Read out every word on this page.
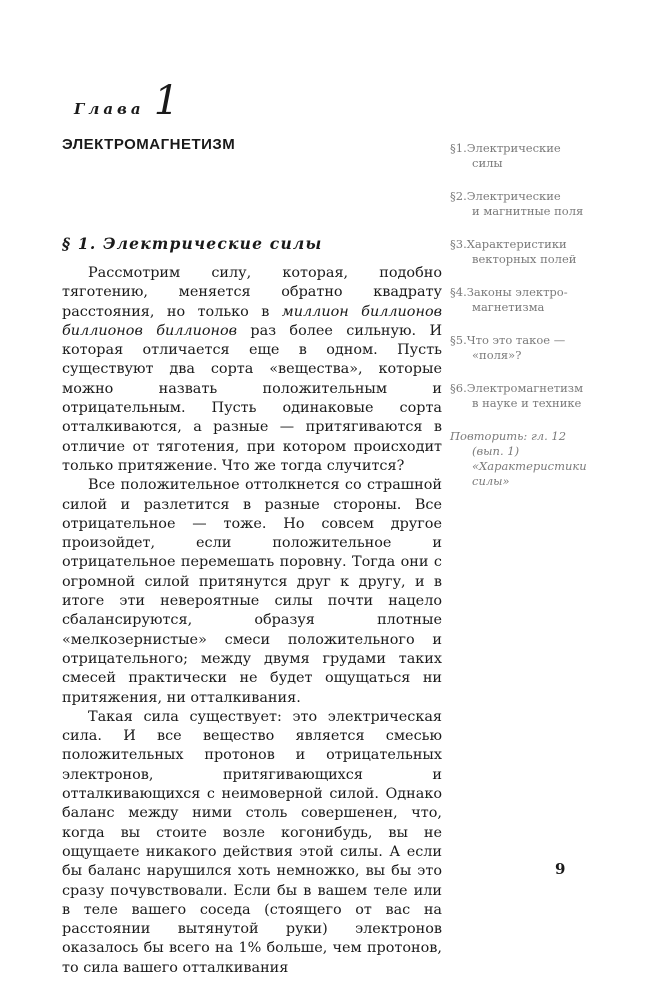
Глава 1
ЭЛЕКТРОМАГНЕТИЗМ
§ 1. Электрические силы

Рассмотрим силу, которая, подобно тяготению, меняется обратно квадрату расстояния, но только в миллион биллионов биллионов биллионов раз более сильную. И которая отличается еще в одном. Пусть существуют два сорта «вещества», которые можно назвать положительным и отрицательным. Пусть одинаковые сорта отталкиваются, а разные — притягиваются в отличие от тяготения, при котором происходит только притяжение. Что же тогда случится?

Все положительное оттолкнется со страшной силой и разлетится в разные стороны. Все отрицательное — тоже. Но совсем другое произойдет, если положительное и отрицательное перемешать поровну. Тогда они с огромной силой притянутся друг к другу, и в итоге эти невероятные силы почти нацело сбалансируются, образуя плотные «мелкозернистые» смеси положительного и отрицательного; между двумя грудами таких смесей практически не будет ощущаться ни притяжения, ни отталкивания.

Такая сила существует: это электрическая сила. И все вещество является смесью положительных протонов и отрицательных электронов, притягивающихся и отталкивающихся с неимоверной силой. Однако баланс между ними столь совершенен, что, когда вы стоите возле когонибудь, вы не ощущаете никакого действия этой силы. А если бы баланс нарушился хоть немножко, вы бы это сразу почувствовали. Если бы в вашем теле или в теле вашего соседа (стоящего от вас на расстоянии вытянутой руки) электронов оказалось бы всего на 1% больше, чем протонов, то сила вашего отталкивания

§1.Электрические
силы
§2.Электрические
и магнитные поля
§3.Характеристики
векторных полей
§4.Законы электро-
магнетизма
§5.Что это такое —
«поля»?
§6.Электромагнетизм
в науке и технике
Повторить: гл. 12
(вып. 1) «Характеристики силы»
9
